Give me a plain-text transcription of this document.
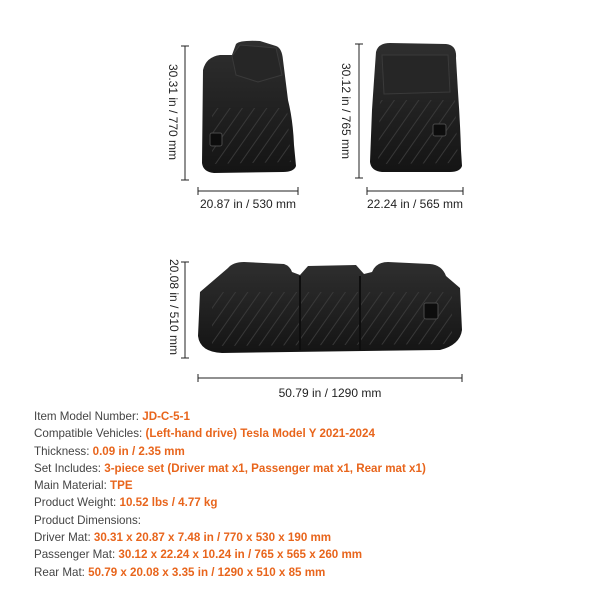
30.31 in / 770 mm
20.87 in / 530 mm
30.12 in / 765 mm
22.24 in / 565 mm
20.08 in / 510 mm
50.79 in / 1290 mm
Item Model Number: JD-C-5-1
Compatible Vehicles: (Left-hand drive) Tesla Model Y 2021-2024
Thickness: 0.09 in / 2.35 mm
Set Includes: 3-piece set (Driver mat x1, Passenger mat x1, Rear mat x1)
Main Material: TPE
Product Weight: 10.52 lbs / 4.77 kg
Product Dimensions:
Driver Mat: 30.31 x 20.87 x 7.48 in / 770 x 530 x 190 mm
Passenger Mat: 30.12 x 22.24 x 10.24 in / 765 x 565 x 260 mm
Rear Mat: 50.79 x 20.08 x 3.35 in / 1290 x 510 x 85 mm
